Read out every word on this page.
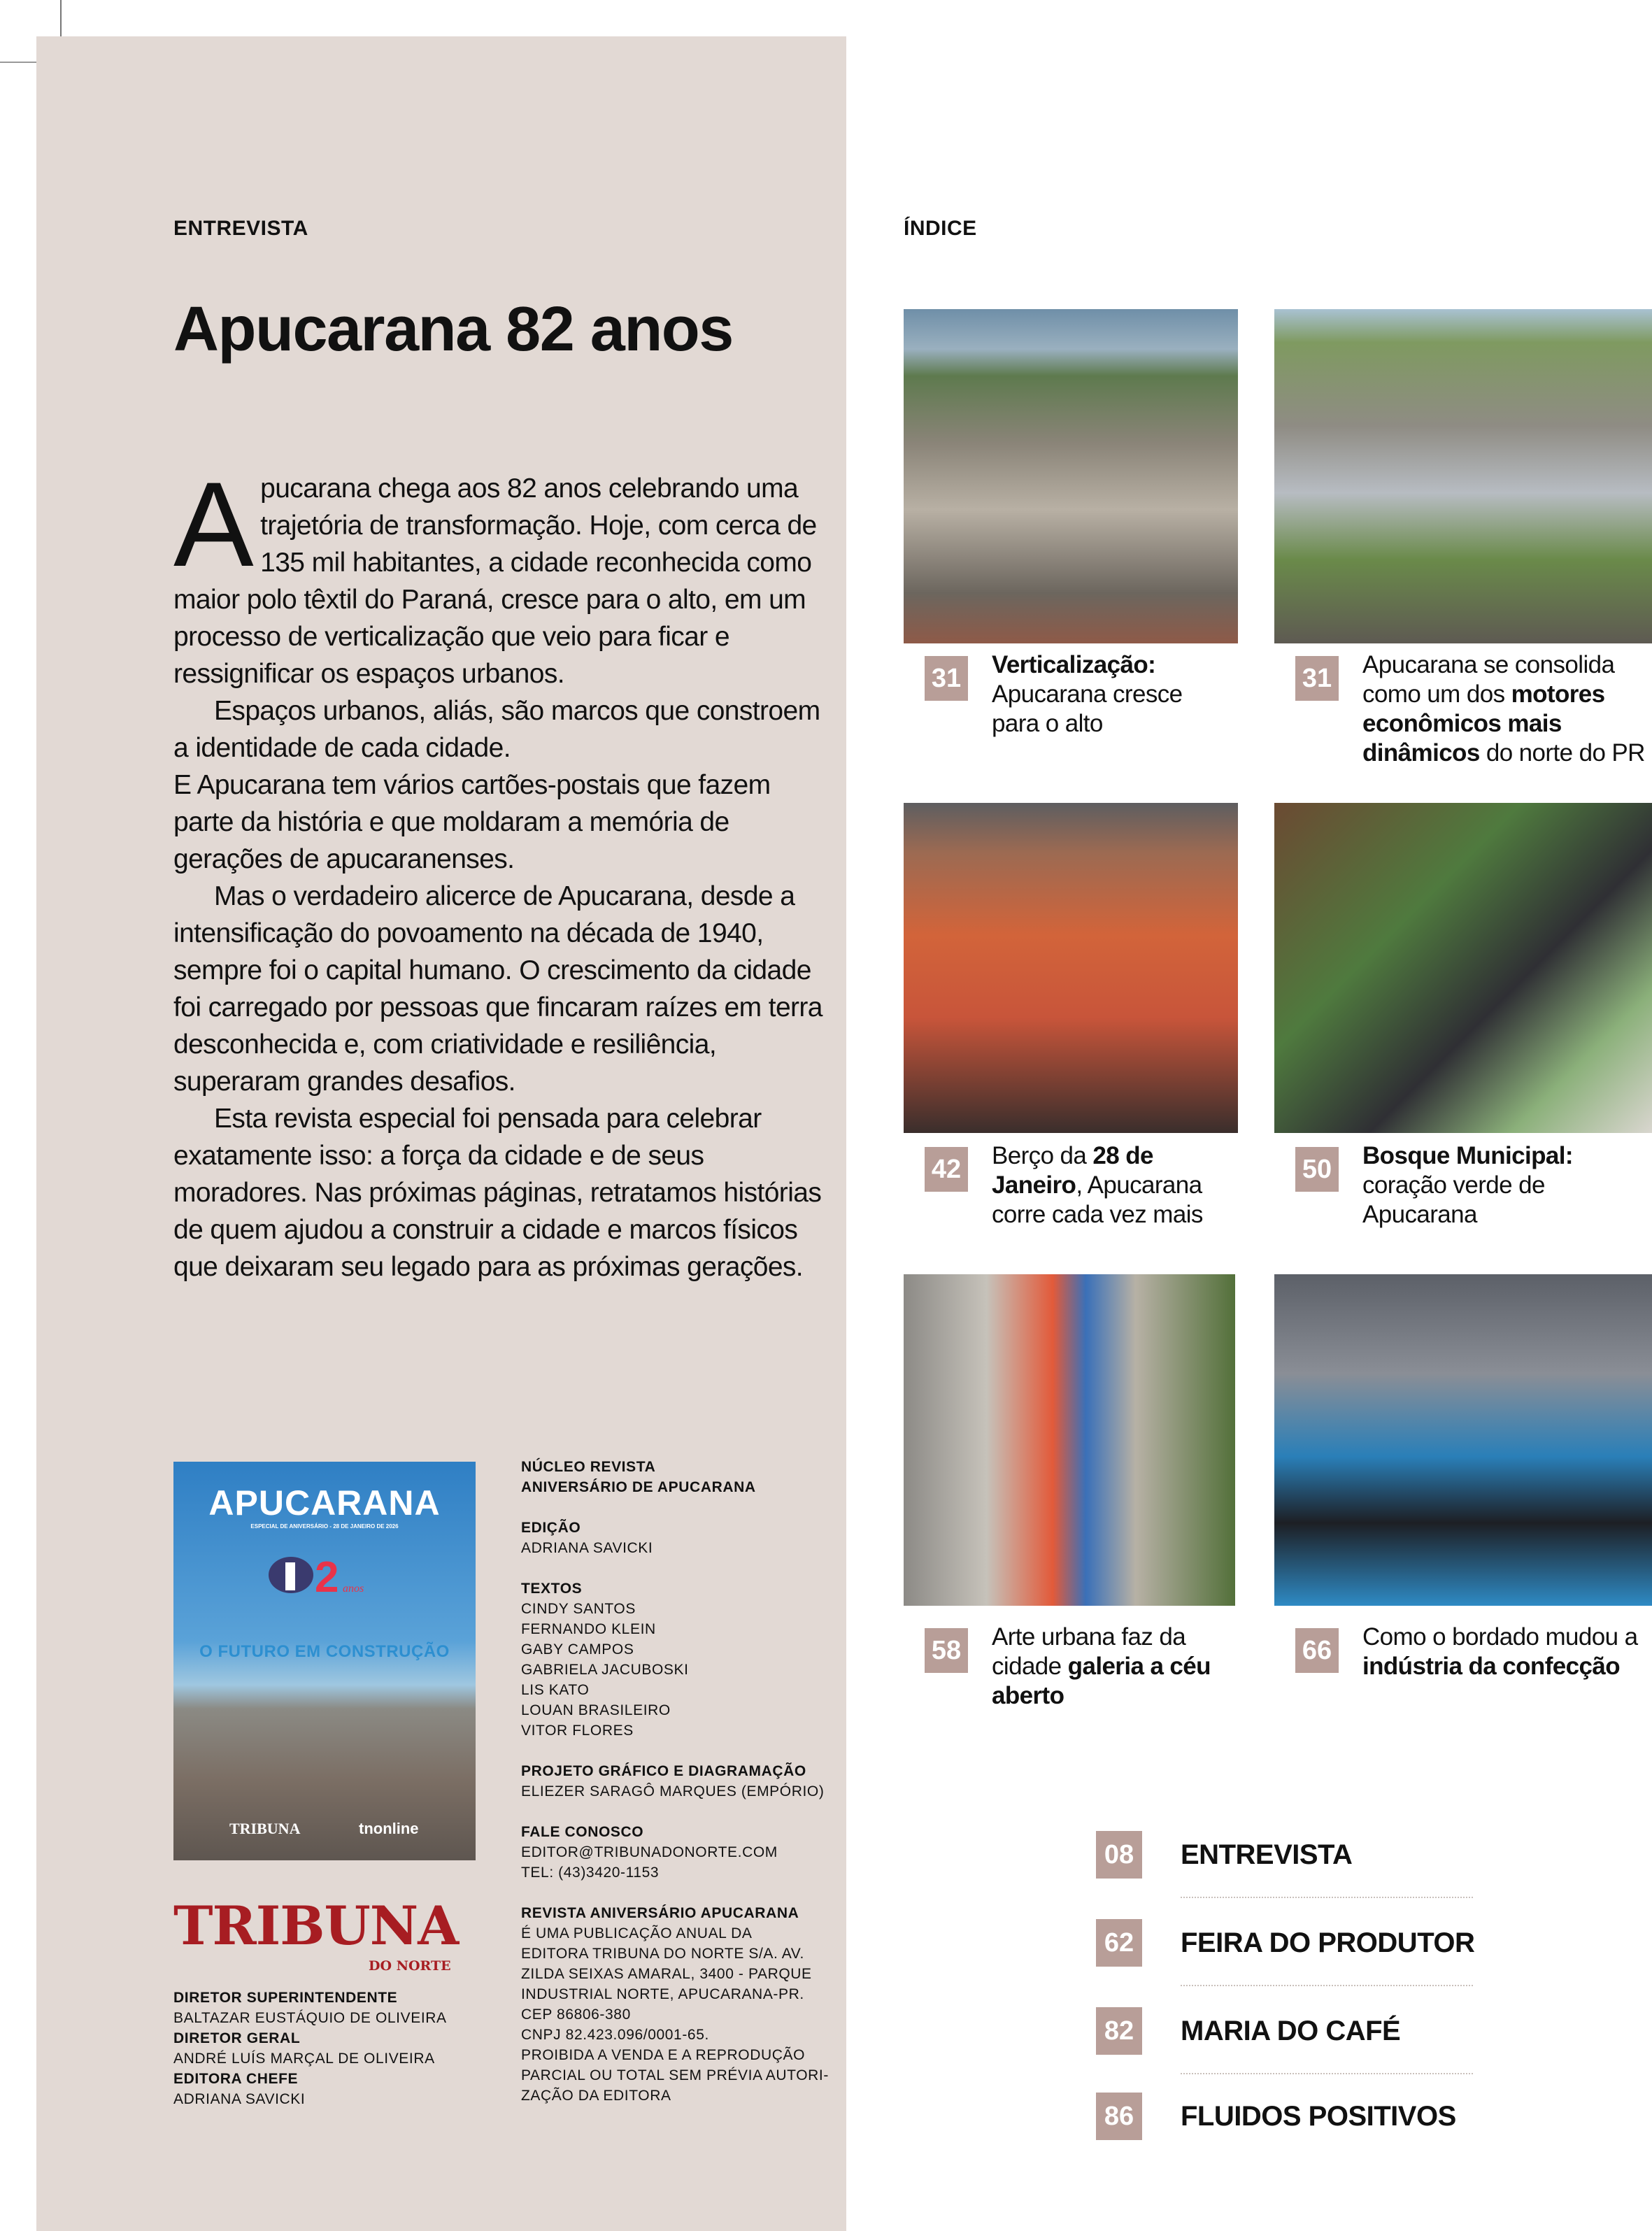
ENTREVISTA
Apucarana 82 anos

Apucarana chega aos 82 anos celebrando uma trajetória de transformação. Hoje, com cerca de 135 mil habitantes, a cidade reconhecida como maior polo têxtil do Paraná, cresce para o alto, em um processo de verticalização que veio para ficar e ressignificar os espaços urbanos.

Espaços urbanos, aliás, são marcos que constroem a identidade de cada cidade.

E Apucarana tem vários cartões-postais que fazem parte da história e que moldaram a memória de gerações de apucaranenses.

Mas o verdadeiro alicerce de Apucarana, desde a intensificação do povoamento na década de 1940, sempre foi o capital humano. O crescimento da cidade foi carregado por pessoas que fincaram raízes em terra desconhecida e, com criatividade e resiliência, superaram grandes desafios.

Esta revista especial foi pensada para celebrar exatamente isso: a força da cidade e de seus moradores. Nas próximas páginas, retratamos histórias de quem ajudou a construir a cidade e marcos físicos que deixaram seu legado para as próximas gerações.

APUCARANA
ESPECIAL DE ANIVERSÁRIO - 28 DE JANEIRO DE 2026
2 anos
O FUTURO EM CONSTRUÇÃO
TRIBUNA	tnonline
TRIBUNA
DO NORTE
DIRETOR SUPERINTENDENTE
BALTAZAR EUSTÁQUIO DE OLIVEIRA
DIRETOR GERAL
ANDRÉ LUÍS MARÇAL DE OLIVEIRA
EDITORA CHEFE
ADRIANA SAVICKI
NÚCLEO REVISTA
ANIVERSÁRIO DE APUCARANA
EDIÇÃO
ADRIANA SAVICKI
TEXTOS
CINDY SANTOS
FERNANDO KLEIN
GABY CAMPOS
GABRIELA JACUBOSKI
LIS KATO
LOUAN BRASILEIRO
VITOR FLORES
PROJETO GRÁFICO E DIAGRAMAÇÃO
ELIEZER SARAGÔ MARQUES (EMPÓRIO)
FALE CONOSCO
EDITOR@TRIBUNADONORTE.COM
TEL: (43)3420-1153
REVISTA ANIVERSÁRIO APUCARANA
É UMA PUBLICAÇÃO ANUAL DA
EDITORA TRIBUNA DO NORTE S/A. AV.
ZILDA SEIXAS AMARAL, 3400 - PARQUE
INDUSTRIAL NORTE, APUCARANA-PR.
CEP 86806-380
CNPJ 82.423.096/0001-65.
PROIBIDA A VENDA E A REPRODUÇÃO
PARCIAL OU TOTAL SEM PRÉVIA AUTORI-
ZAÇÃO DA EDITORA
ÍNDICE
31 Verticalização: Apucarana cresce para o alto
31 Apucarana se consolida como um dos motores econômicos mais dinâmicos do norte do PR
42 Berço da 28 de Janeiro, Apucarana corre cada vez mais
50 Bosque Municipal: coração verde de Apucarana
58 Arte urbana faz da cidade galeria a céu aberto
66 Como o bordado mudou a indústria da confecção
08 ENTREVISTA
62 FEIRA DO PRODUTOR
82 MARIA DO CAFÉ
86 FLUIDOS POSITIVOS
